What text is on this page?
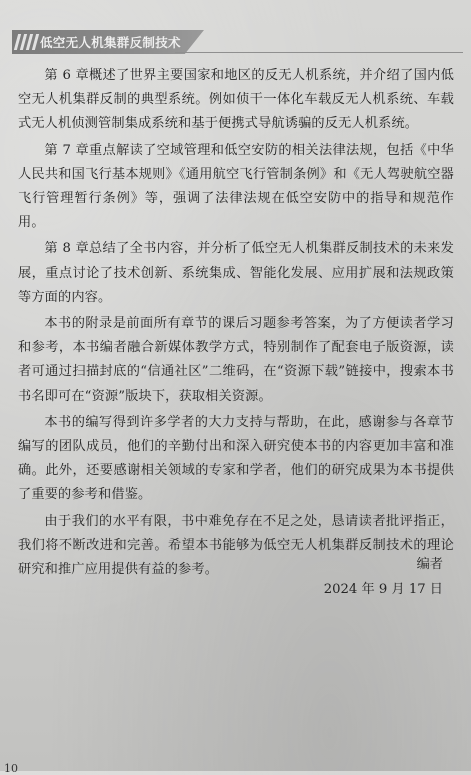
低空无人机集群反制技术

第 6 章概述了世界主要国家和地区的反无人机系统，并介绍了国内低空无人机集群反制的典型系统。例如侦干一体化车载反无人机系统、车载式无人机侦测管制集成系统和基于便携式导航诱骗的反无人机系统。

第 7 章重点解读了空域管理和低空安防的相关法律法规，包括《中华人民共和国飞行基本规则》《通用航空飞行管制条例》和《无人驾驶航空器飞行管理暂行条例》等，强调了法律法规在低空安防中的指导和规范作用。

第 8 章总结了全书内容，并分析了低空无人机集群反制技术的未来发展，重点讨论了技术创新、系统集成、智能化发展、应用扩展和法规政策等方面的内容。

本书的附录是前面所有章节的课后习题参考答案，为了方便读者学习和参考，本书编者融合新媒体教学方式，特别制作了配套电子版资源，读者可通过扫描封底的“信通社区”二维码，在“资源下载”链接中，搜索本书书名即可在“资源”版块下，获取相关资源。

本书的编写得到许多学者的大力支持与帮助，在此，感谢参与各章节编写的团队成员，他们的辛勤付出和深入研究使本书的内容更加丰富和准确。此外，还要感谢相关领域的专家和学者，他们的研究成果为本书提供了重要的参考和借鉴。

由于我们的水平有限，书中难免存在不足之处，恳请读者批评指正，我们将不断改进和完善。希望本书能够为低空无人机集群反制技术的理论研究和推广应用提供有益的参考。	编者
2024 年 9 月 17 日
10
